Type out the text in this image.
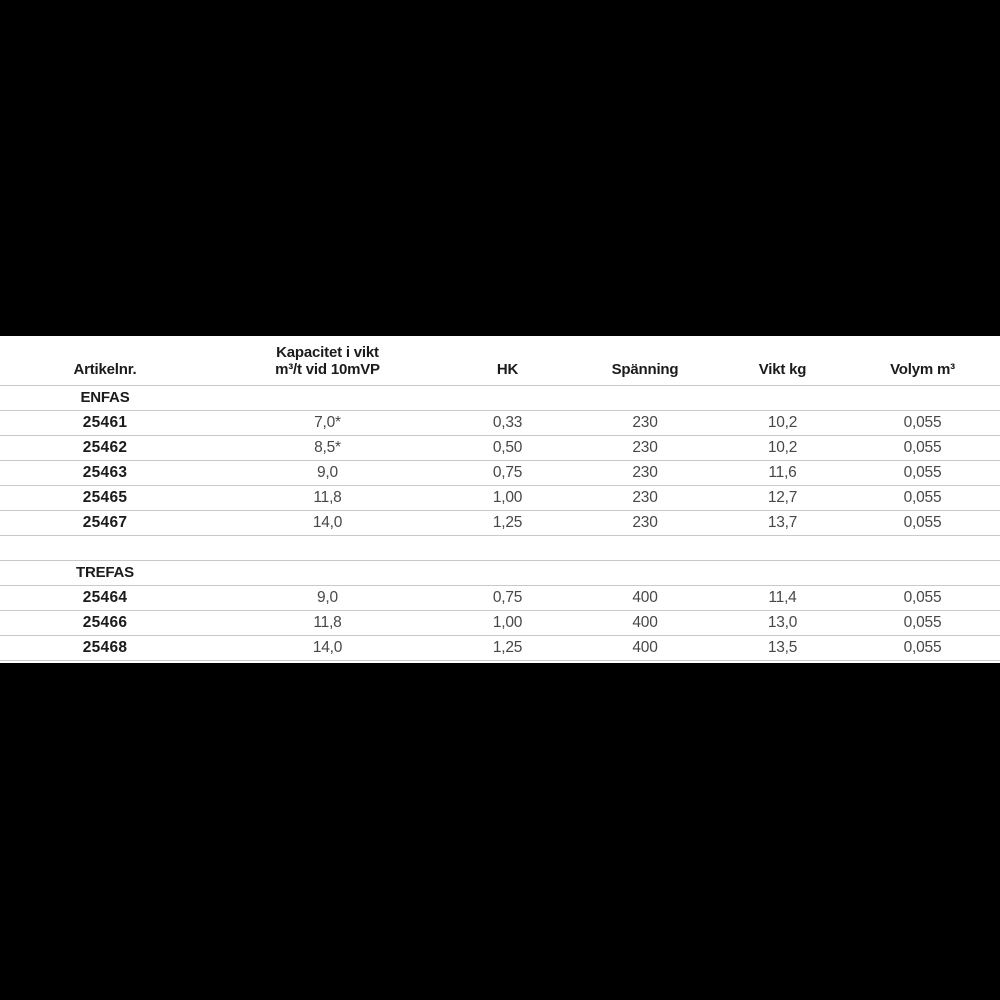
Artikelnr.	Kapacitet i vikt
m³/t vid 10mVP	HK	Spänning	Vikt kg	Volym m³
ENFAS					
25461	7,0*	0,33	230	10,2	0,055
25462	8,5*	0,50	230	10,2	0,055
25463	9,0	0,75	230	11,6	0,055
25465	11,8	1,00	230	12,7	0,055
25467	14,0	1,25	230	13,7	0,055

TREFAS					
25464	9,0	0,75	400	11,4	0,055
25466	11,8	1,00	400	13,0	0,055
25468	14,0	1,25	400	13,5	0,055
